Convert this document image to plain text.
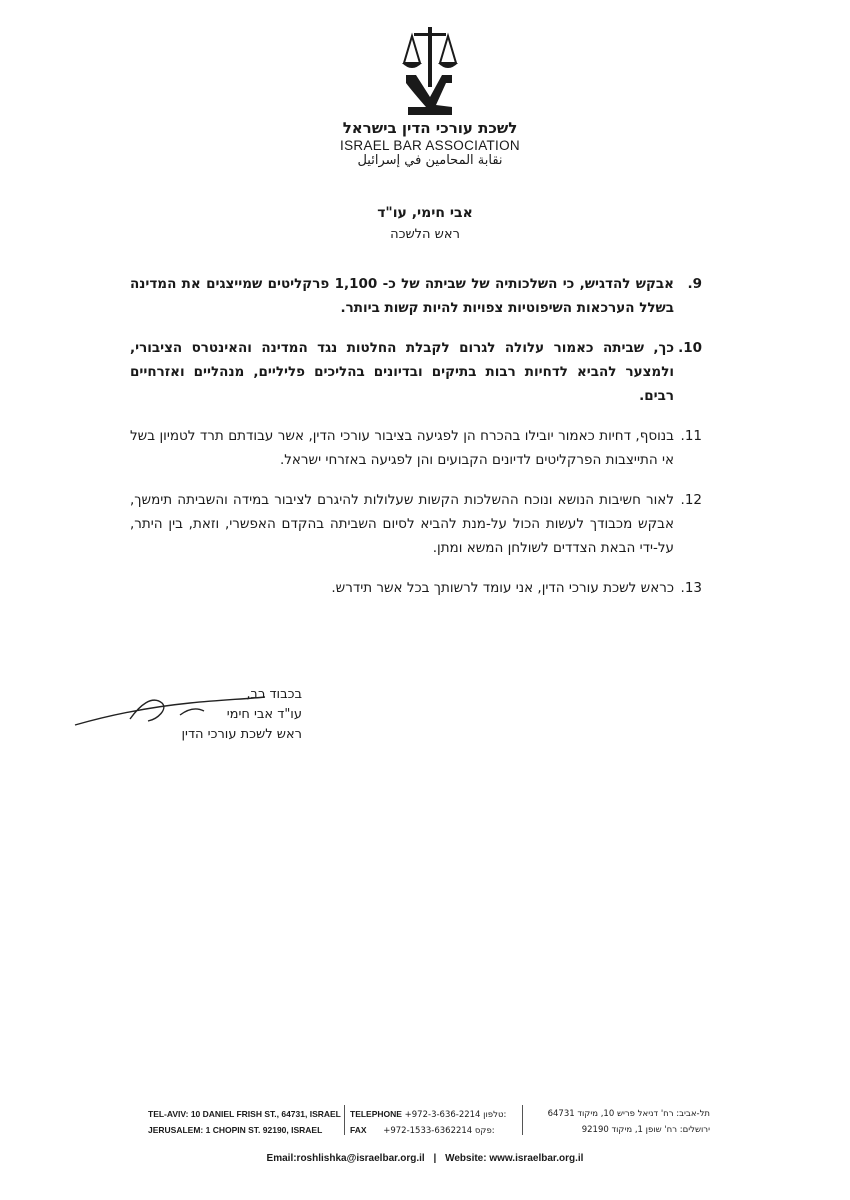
לשכת עורכי הדין בישראל
ISRAEL BAR ASSOCIATION
نقابة المحامين في إسرائيل
אבי חימי, עו"ד
ראש הלשכה
9.
אבקש להדגיש, כי השלכותיה של שביתה של כ- 1,100 פרקליטים שמייצגים את המדינה בשלל הערכאות השיפוטיות צפויות להיות קשות ביותר.
10.
כך, שביתה כאמור עלולה לגרום לקבלת החלטות נגד המדינה והאינטרס הציבורי, ולמצער להביא לדחיות רבות בתיקים ובדיונים בהליכים פליליים, מנהליים ואזרחיים רבים.
11.
בנוסף, דחיות כאמור יובילו בהכרח הן לפגיעה בציבור עורכי הדין, אשר עבודתם תרד לטמיון בשל אי התייצבות הפרקליטים לדיונים הקבועים והן לפגיעה באזרחי ישראל.
12.
לאור חשיבות הנושא ונוכח ההשלכות הקשות שעלולות להיגרם לציבור במידה והשביתה תימשך, אבקש מכבודך לעשות הכול על-מנת להביא לסיום השביתה בהקדם האפשרי, וזאת, בין היתר, על-ידי הבאת הצדדים לשולחן המשא ומתן.
13.
כראש לשכת עורכי הדין, אני עומד לרשותך בכל אשר תידרש.
בכבוד רב,
עו"ד אבי חימי
ראש לשכת עורכי הדין
TEL-AVIV: 10 DANIEL FRISH ST., 64731, ISRAEL
JERUSALEM: 1 CHOPIN ST. 92190, ISRAEL
TELEPHONE +972-3-636-2214 טלפון:
FAX +972-1533-6362214 פקס:
תל-אביב: רח' דניאל פריש 10, מיקוד 64731
ירושלים: רח' שופן 1, מיקוד 92190
Email:roshlishka@israelbar.org.il | Website: www.israelbar.org.il
